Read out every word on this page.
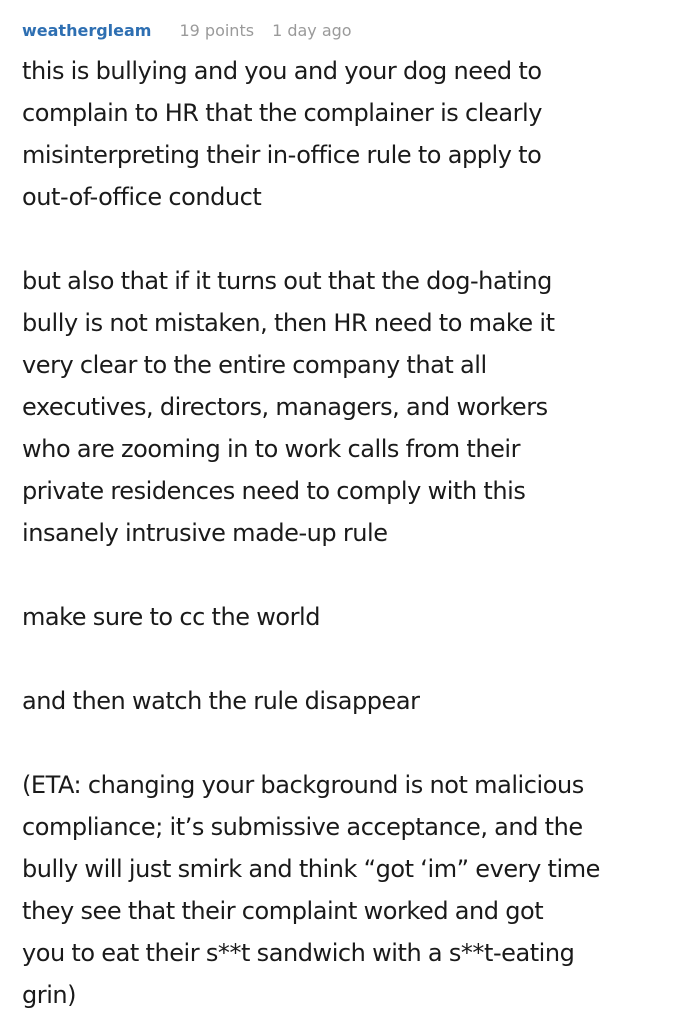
weathergleam 19 points 1 day ago
this is bullying and you and your dog need to
complain to HR that the complainer is clearly
misinterpreting their in-office rule to apply to
out-of-office conduct
but also that if it turns out that the dog-hating
bully is not mistaken, then HR need to make it
very clear to the entire company that all
executives, directors, managers, and workers
who are zooming in to work calls from their
private residences need to comply with this
insanely intrusive made-up rule
make sure to cc the world
and then watch the rule disappear
(ETA: changing your background is not malicious
compliance; it’s submissive acceptance, and the
bully will just smirk and think “got ‘im” every time
they see that their complaint worked and got
you to eat their s**t sandwich with a s**t-eating
grin)
